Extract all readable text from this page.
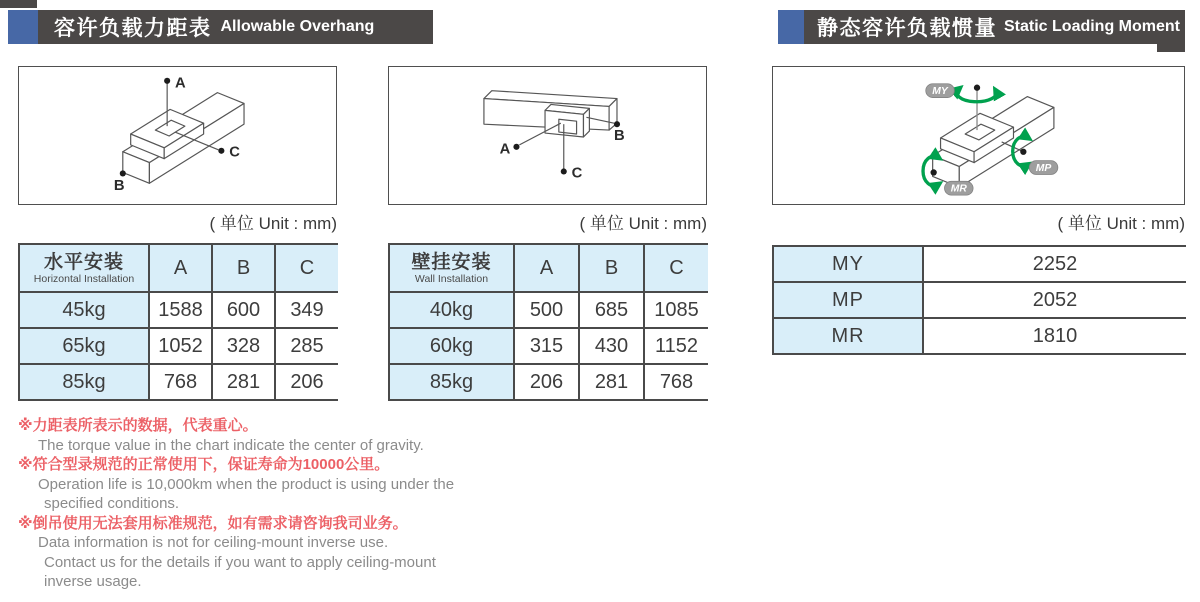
容许负载力距表 Allowable Overhang	静态容许负载惯量 Static Loading Moment
A
C
B
A
C
B
MY
MP
MR
( 单位 Unit : mm)	( 单位 Unit : mm)	( 单位 Unit : mm)
水平安装
Horizontal Installation	A	B	C
45kg	1588	600	349
65kg	1052	328	285
85kg	768	281	206
壁挂安装
Wall Installation	A	B	C
40kg	500	685	1085
60kg	315	430	1152
85kg	206	281	768
MY	2252
MP	2052
MR	1810
※力距表所表示的数据，代表重心。
The torque value in the chart indicate the center of gravity.
※符合型录规范的正常使用下，保证寿命为10000公里。
Operation life is 10,000km when the product is using under the
specified conditions.
※倒吊使用无法套用标准规范，如有需求请咨询我司业务。
Data information is not for ceiling-mount inverse use.
Contact us for the details if you want to apply ceiling-mount
inverse usage.
